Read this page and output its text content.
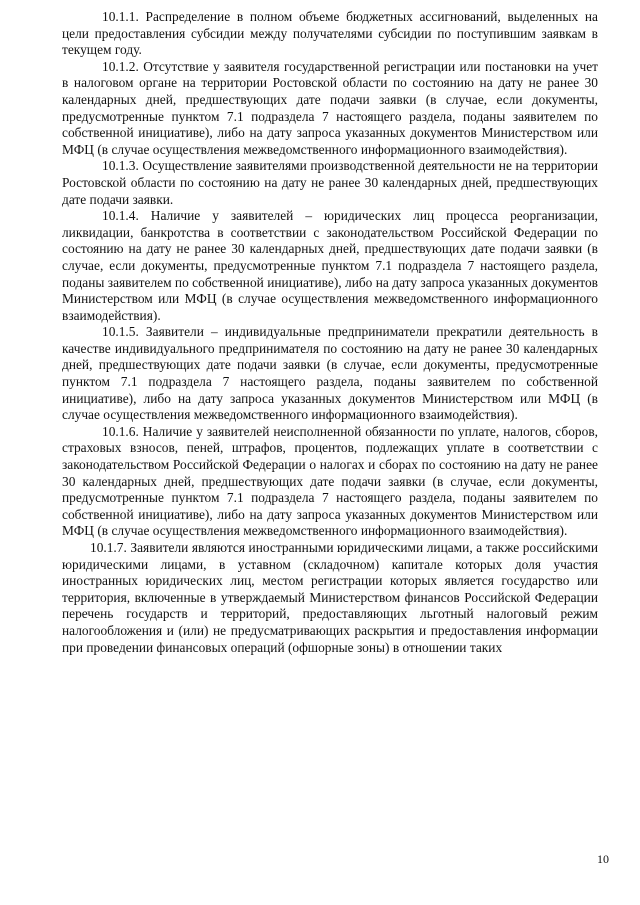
10.1.1. Распределение в полном объеме бюджетных ассигнований, выделенных на цели предоставления субсидии между получателями субсидии по поступившим заявкам в текущем году.

10.1.2. Отсутствие у заявителя государственной регистрации или постановки на учет в налоговом органе на территории Ростовской области по состоянию на дату не ранее 30 календарных дней, предшествующих дате подачи заявки (в случае, если документы, предусмотренные пунктом 7.1 подраздела 7 настоящего раздела, поданы заявителем по собственной инициативе), либо на дату запроса указанных документов Министерством или МФЦ (в случае осуществления межведомственного информационного взаимодействия).

10.1.3. Осуществление заявителями производственной деятельности не на территории Ростовской области по состоянию на дату не ранее 30 календарных дней, предшествующих дате подачи заявки.

10.1.4. Наличие у заявителей – юридических лиц процесса реорганизации, ликвидации, банкротства в соответствии с законодательством Российской Федерации по состоянию на дату не ранее 30 календарных дней, предшествующих дате подачи заявки (в случае, если документы, предусмотренные пунктом 7.1 подраздела 7 настоящего раздела, поданы заявителем по собственной инициативе), либо на дату запроса указанных документов Министерством или МФЦ (в случае осуществления межведомственного информационного взаимодействия).

10.1.5. Заявители – индивидуальные предприниматели прекратили деятельность в качестве индивидуального предпринимателя по состоянию на дату не ранее 30 календарных дней, предшествующих дате подачи заявки (в случае, если документы, предусмотренные пунктом 7.1 подраздела 7 настоящего раздела, поданы заявителем по собственной инициативе), либо на дату запроса указанных документов Министерством или МФЦ (в случае осуществления межведомственного информационного взаимодействия).

10.1.6. Наличие у заявителей неисполненной обязанности по уплате, налогов, сборов, страховых взносов, пеней, штрафов, процентов, подлежащих уплате в соответствии с законодательством Российской Федерации о налогах и сборах по состоянию на дату не ранее 30 календарных дней, предшествующих дате подачи заявки (в случае, если документы, предусмотренные пунктом 7.1 подраздела 7 настоящего раздела, поданы заявителем по собственной инициативе), либо на дату запроса указанных документов Министерством или МФЦ (в случае осуществления межведомственного информационного взаимодействия).

10.1.7. Заявители являются иностранными юридическими лицами, а также российскими юридическими лицами, в уставном (складочном) капитале которых доля участия иностранных юридических лиц, местом регистрации которых является государство или территория, включенные в утверждаемый Министерством финансов Российской Федерации перечень государств и территорий, предоставляющих льготный налоговый режим налогообложения и (или) не предусматривающих раскрытия и предоставления информации при проведении финансовых операций (офшорные зоны) в отношении таких

10
